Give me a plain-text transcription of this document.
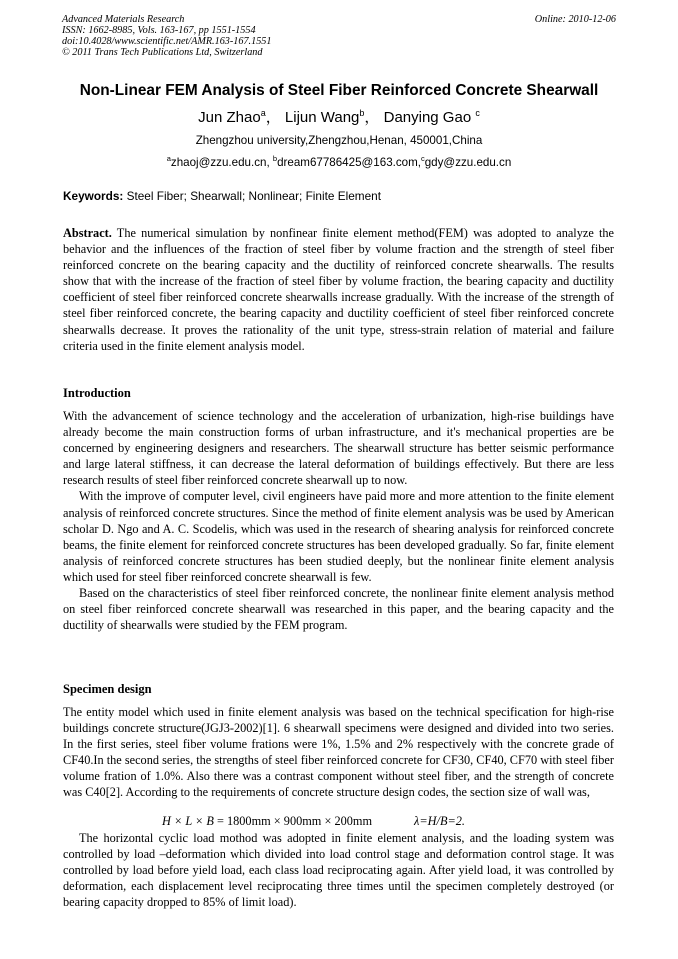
Advanced Materials Research
ISSN: 1662-8985, Vols. 163-167, pp 1551-1554
doi:10.4028/www.scientific.net/AMR.163-167.1551
© 2011 Trans Tech Publications Ltd, Switzerland
Online: 2010-12-06
Non-Linear FEM Analysis of Steel Fiber Reinforced Concrete Shearwall
Jun Zhao$^a$， Lijun Wang$^b$， Danying Gao $^c$
Zhengzhou university,Zhengzhou,Henan, 450001,China
$^a$zhaoj@zzu.edu.cn, $^b$dream67786425@163.com,$^c$gdy@zzu.edu.cn
Keywords: Steel Fiber; Shearwall; Nonlinear; Finite Element

Abstract. The numerical simulation by nonfinear finite element method(FEM) was adopted to analyze the behavior and the influences of the fraction of steel fiber by volume fraction and the strength of steel fiber reinforced concrete on the bearing capacity and the ductility of reinforced concrete shearwalls. The results show that with the increase of the fraction of steel fiber by volume fraction, the bearing capacity and ductility coefficient of steel fiber reinforced concrete shearwalls increase gradually. With the increase of the strength of steel fiber reinforced concrete, the bearing capacity and ductility coefficient of steel fiber reinforced concrete shearwalls decrease. It proves the rationality of the unit type, stress-strain relation of material and failure criteria used in the finite element analysis model.

Introduction

With the advancement of science technology and the acceleration of urbanization, high-rise buildings have already become the main construction forms of urban infrastructure, and it's mechanical properties are be concerned by engineering designers and researchers. The shearwall structure has better seismic performance and large lateral stiffness, it can decrease the lateral deformation of buildings effectively. But there are less research results of steel fiber reinforced concrete shearwall up to now.

With the improve of computer level, civil engineers have paid more and more attention to the finite element analysis of reinforced concrete structures. Since the method of finite element analysis was be used by American scholar D. Ngo and A. C. Scodelis, which was used in the research of shearing analysis for reinforced concrete beams, the finite element for reinforced concrete structures has been developed gradually. So far, finite element analysis of reinforced concrete structures has been studied deeply, but the nonlinear finite element analysis which used for steel fiber reinforced concrete shearwall is few.

Based on the characteristics of steel fiber reinforced concrete, the nonlinear finite element analysis method on steel fiber reinforced concrete shearwall was researched in this paper, and the bearing capacity and the ductility of shearwalls were studied by the FEM program.

Specimen design

The entity model which used in finite element analysis was based on the technical specification for high-rise buildings concrete structure(JGJ3-2002)[1]. 6 shearwall specimens were designed and divided into two series. In the first series, steel fiber volume frations were 1%, 1.5% and 2% respectively with the concrete grade of CF40.In the second series, the strengths of steel fiber reinforced concrete for CF30, CF40, CF70 with steel fiber volume fration of 1.0%. Also there was a contrast component without steel fiber, and the strength of concrete was C40[2]. According to the requirements of concrete structure design codes, the section size of wall was,

H × L × B = 1800mm × 900mm × 200mm	λ=H/B=2.

The horizontal cyclic load mothod was adopted in finite element analysis, and the loading system was controlled by load –deformation which divided into load control stage and deformation control stage. It was controlled by load before yield load, each class load reciprocating again. After yield load, it was controlled by deformation, each displacement level reciprocating three times until the specimen completely destroyed (or bearing capacity dropped to 85% of limit load).
